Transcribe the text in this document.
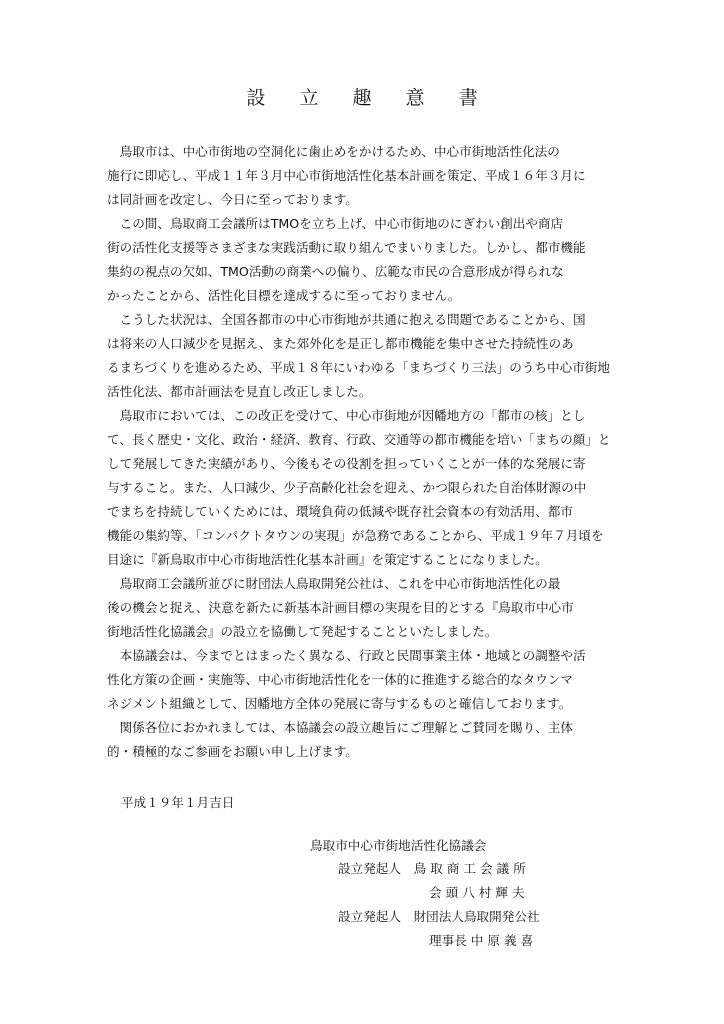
設 立 趣 意 書
　鳥取市は、中心市街地の空洞化に歯止めをかけるため、中心市街地活性化法の
施行に即応し、平成１１年３月中心市街地活性化基本計画を策定、平成１６年３月に
は同計画を改定し、今日に至っております。
　この間、鳥取商工会議所はTMOを立ち上げ、中心市街地のにぎわい創出や商店
街の活性化支援等さまざまな実践活動に取り組んでまいりました。しかし、都市機能
集約の視点の欠如、TMO活動の商業への偏り、広範な市民の合意形成が得られな
かったことから、活性化目標を達成するに至っておりません。
　こうした状況は、全国各都市の中心市街地が共通に抱える問題であることから、国
は将来の人口減少を見据え、また郊外化を是正し都市機能を集中させた持続性のあ
るまちづくりを進めるため、平成１８年にいわゆる「まちづくり三法」のうち中心市街地
活性化法、都市計画法を見直し改正しました。
　鳥取市においては、この改正を受けて、中心市街地が因幡地方の「都市の核」とし
て、長く歴史・文化、政治・経済、教育、行政、交通等の都市機能を培い「まちの顔」と
して発展してきた実績があり、今後もその役割を担っていくことが一体的な発展に寄
与すること。また、人口減少、少子高齢化社会を迎え、かつ限られた自治体財源の中
でまちを持続していくためには、環境負荷の低減や既存社会資本の有効活用、都市
機能の集約等、「コンパクトタウンの実現」が急務であることから、平成１９年７月頃を
目途に『新鳥取市中心市街地活性化基本計画』を策定することになりました。
　鳥取商工会議所並びに財団法人鳥取開発公社は、これを中心市街地活性化の最
後の機会と捉え、決意を新たに新基本計画目標の実現を目的とする『鳥取市中心市
街地活性化協議会』の設立を協働して発起することといたしました。
　本協議会は、今までとはまったく異なる、行政と民間事業主体・地域との調整や活
性化方策の企画・実施等、中心市街地活性化を一体的に推進する総合的なタウンマ
ネジメント組織として、因幡地方全体の発展に寄与するものと確信しております。
　関係各位におかれましては、本協議会の設立趣旨にご理解とご賛同を賜り、主体
的・積極的なご参画をお願い申し上げます。
平成１９年１月吉日
鳥取市中心市街地活性化協議会
設立発起人　鳥 取 商 工 会 議 所
会 頭 八 村 輝 夫
設立発起人　財団法人鳥取開発公社
理事長 中 原 義 喜
